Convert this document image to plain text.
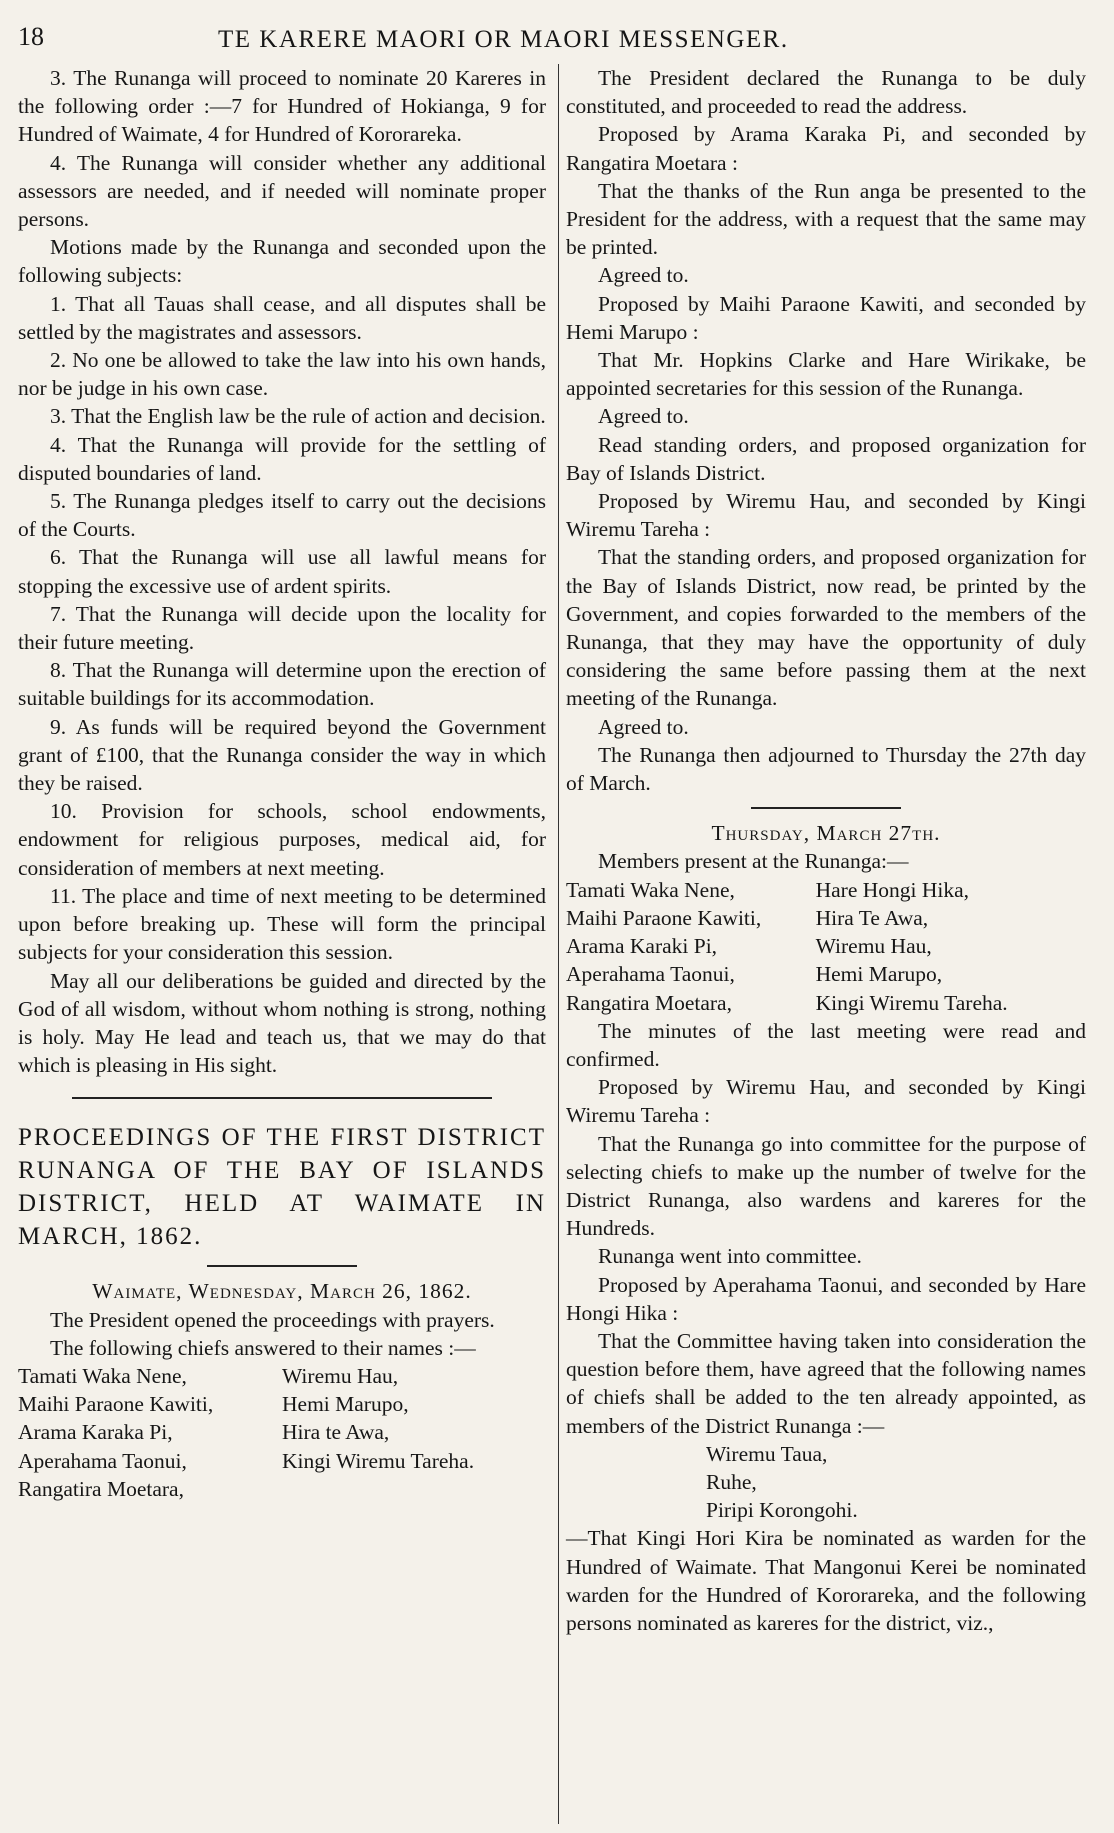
18	TE KARERE MAORI OR MAORI MESSENGER.

3. The Runanga will proceed to nominate 20 Kareres in the following order :—7 for Hundred of Hokianga, 9 for Hundred of Waimate, 4 for Hundred of Kororareka.

4. The Runanga will consider whether any additional assessors are needed, and if needed will nominate proper persons.

Motions made by the Runanga and seconded upon the following subjects:

1. That all Tauas shall cease, and all disputes shall be settled by the magistrates and assessors.

2. No one be allowed to take the law into his own hands, nor be judge in his own case.

3. That the English law be the rule of action and decision.

4. That the Runanga will provide for the settling of disputed boundaries of land.

5. The Runanga pledges itself to carry out the decisions of the Courts.

6. That the Runanga will use all lawful means for stopping the excessive use of ardent spirits.

7. That the Runanga will decide upon the locality for their future meeting.

8. That the Runanga will determine upon the erection of suitable buildings for its accommodation.

9. As funds will be required beyond the Government grant of £100, that the Runanga consider the way in which they be raised.

10. Provision for schools, school endowments, endowment for religious purposes, medical aid, for consideration of members at next meeting.

11. The place and time of next meeting to be determined upon before breaking up. These will form the principal subjects for your consideration this session.

May all our deliberations be guided and directed by the God of all wisdom, without whom nothing is strong, nothing is holy. May He lead and teach us, that we may do that which is pleasing in His sight.

PROCEEDINGS OF THE FIRST DISTRICT RUNANGA OF THE BAY OF ISLANDS DISTRICT, HELD AT WAIMATE IN MARCH, 1862.

Waimate, Wednesday, March 26, 1862.

The President opened the proceedings with prayers.

The following chiefs answered to their names :—

Tamati Waka Nene,	Wiremu Hau,
Maihi Paraone Kawiti,	Hemi Marupo,
Arama Karaka Pi,	Hira te Awa,
Aperahama Taonui,	Kingi Wiremu Tareha.
Rangatira Moetara,

The President declared the Runanga to be duly constituted, and proceeded to read the address.

Proposed by Arama Karaka Pi, and seconded by Rangatira Moetara :

That the thanks of the Run anga be presented to the President for the address, with a request that the same may be printed.

Agreed to.

Proposed by Maihi Paraone Kawiti, and seconded by Hemi Marupo :

That Mr. Hopkins Clarke and Hare Wirikake, be appointed secretaries for this session of the Runanga.

Agreed to.

Read standing orders, and proposed organization for Bay of Islands District.

Proposed by Wiremu Hau, and seconded by Kingi Wiremu Tareha :

That the standing orders, and proposed organization for the Bay of Islands District, now read, be printed by the Government, and copies forwarded to the members of the Runanga, that they may have the opportunity of duly considering the same before passing them at the next meeting of the Runanga.

Agreed to.

The Runanga then adjourned to Thursday the 27th day of March.

Thursday, March 27th.

Members present at the Runanga:—

Tamati Waka Nene,	Hare Hongi Hika,
Maihi Paraone Kawiti,	Hira Te Awa,
Arama Karaki Pi,	Wiremu Hau,
Aperahama Taonui,	Hemi Marupo,
Rangatira Moetara,	Kingi Wiremu Tareha.

The minutes of the last meeting were read and confirmed.

Proposed by Wiremu Hau, and seconded by Kingi Wiremu Tareha :

That the Runanga go into committee for the purpose of selecting chiefs to make up the number of twelve for the District Runanga, also wardens and kareres for the Hundreds.

Runanga went into committee.

Proposed by Aperahama Taonui, and seconded by Hare Hongi Hika :

That the Committee having taken into consideration the question before them, have agreed that the following names of chiefs shall be added to the ten already appointed, as members of the District Runanga :—

Wiremu Taua,
Ruhe,
Piripi Korongohi.

—That Kingi Hori Kira be nominated as warden for the Hundred of Waimate. That Mangonui Kerei be nominated warden for the Hundred of Kororareka, and the following persons nominated as kareres for the district, viz.,
